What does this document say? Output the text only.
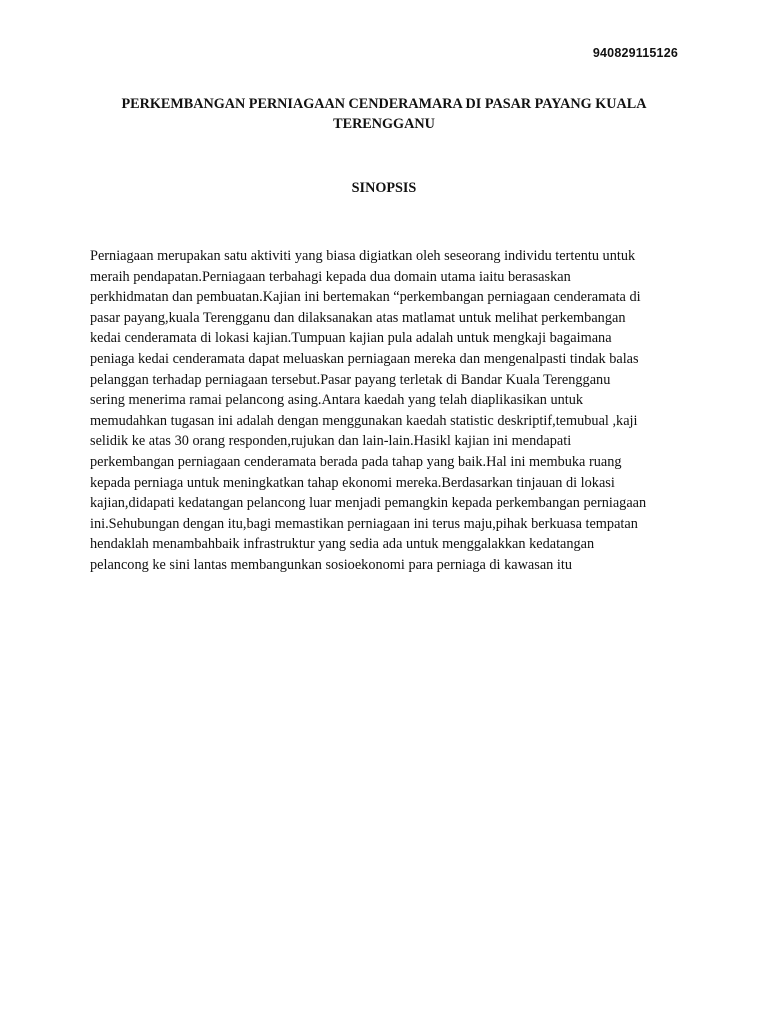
940829115126
PERKEMBANGAN PERNIAGAAN CENDERAMARA DI PASAR PAYANG KUALA
TERENGGANU
SINOPSIS

Perniagaan merupakan satu aktiviti yang biasa digiatkan oleh seseorang individu tertentu untuk
meraih pendapatan.Perniagaan terbahagi kepada dua domain utama iaitu berasaskan
perkhidmatan dan pembuatan.Kajian ini bertemakan “perkembangan perniagaan cenderamata di
pasar payang,kuala Terengganu dan dilaksanakan atas matlamat untuk melihat perkembangan
kedai cenderamata di lokasi kajian.Tumpuan kajian pula adalah untuk mengkaji bagaimana
peniaga kedai cenderamata dapat meluaskan perniagaan mereka dan mengenalpasti tindak balas
pelanggan terhadap perniagaan tersebut.Pasar payang terletak di Bandar Kuala Terengganu
sering menerima ramai pelancong asing.Antara kaedah yang telah diaplikasikan untuk
memudahkan tugasan ini adalah dengan menggunakan kaedah statistic deskriptif,temubual ,kaji
selidik ke atas 30 orang responden,rujukan dan lain-lain.Hasikl kajian ini mendapati
perkembangan perniagaan cenderamata berada pada tahap yang baik.Hal ini membuka ruang
kepada perniaga untuk meningkatkan tahap ekonomi mereka.Berdasarkan tinjauan di lokasi
kajian,didapati kedatangan pelancong luar menjadi pemangkin kepada perkembangan perniagaan
ini.Sehubungan dengan itu,bagi memastikan perniagaan ini terus maju,pihak berkuasa tempatan
hendaklah menambahbaik infrastruktur yang sedia ada untuk menggalakkan kedatangan
pelancong ke sini lantas membangunkan sosioekonomi para perniaga di kawasan itu
